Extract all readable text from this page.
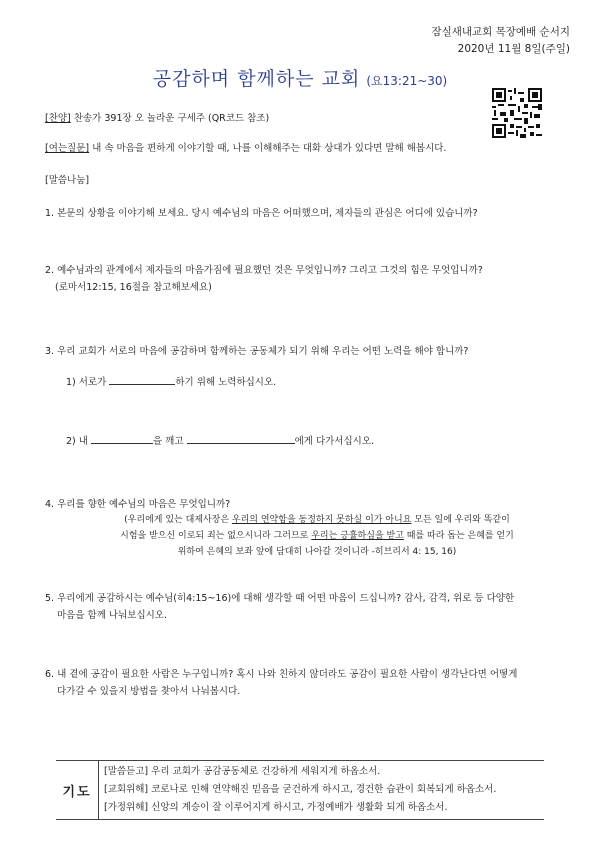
잠실새내교회 목장예배 순서지
2020년 11월 8일(주일)
공감하며 함께하는 교회 (요13:21~30)
[찬양] 찬송가 391장 오 놀라운 구세주 (QR코드 참조)
[여는질문] 내 속 마음을 편하게 이야기할 때, 나를 이해해주는 대화 상대가 있다면 말해 해봅시다.
[말씀나눔]
1. 본문의 상황을 이야기해 보세요. 당시 예수님의 마음은 어떠했으며, 제자들의 관심은 어디에 있습니까?
2. 예수님과의 관계에서 제자들의 마음가짐에 필요했던 것은 무엇입니까? 그리고 그것의 힘은 무엇입니까?
(로마서12:15, 16절을 참고해보세요)
3. 우리 교회가 서로의 마음에 공감하며 함께하는 공동체가 되기 위해 우리는 어떤 노력을 해야 합니까?
1) 서로가	하기 위해 노력하십시오.
2) 내	을 깨고	에게 다가서십시오.
4. 우리를 향한 예수님의 마음은 무엇입니까?
(우리에게 있는 대제사장은 우리의 연약함을 동정하지 못하실 이가 아니요 모든 일에 우리와 똑같이
시험을 받으신 이로되 죄는 없으시니라 그러므로 우리는 긍휼하심을 받고 때를 따라 돕는 은혜를 얻기
위하여 은혜의 보좌 앞에 담대히 나아갈 것이니라 -히브리서 4: 15, 16)
5. 우리에게 공감하시는 예수님(히4:15~16)에 대해 생각할 때 어떤 마음이 드십니까? 감사, 감격, 위로 등 다양한
마음을 함께 나눠보십시오.
6. 내 곁에 공감이 필요한 사람은 누구입니까? 혹시 나와 친하지 않더라도 공감이 필요한 사람이 생각난다면 어떻게
다가갈 수 있을지 방법을 찾아서 나눠봅시다.
기도
[말씀듣고] 우리 교회가 공감공동체로 건강하게 세워지게 하옵소서.
[교회위해] 코로나로 인해 연약해진 믿음을 굳건하게 하시고, 경건한 습관이 회복되게 하옵소서.
[가정위해] 신앙의 계승이 잘 이루어지게 하시고, 가정예배가 생활화 되게 하옵소서.
